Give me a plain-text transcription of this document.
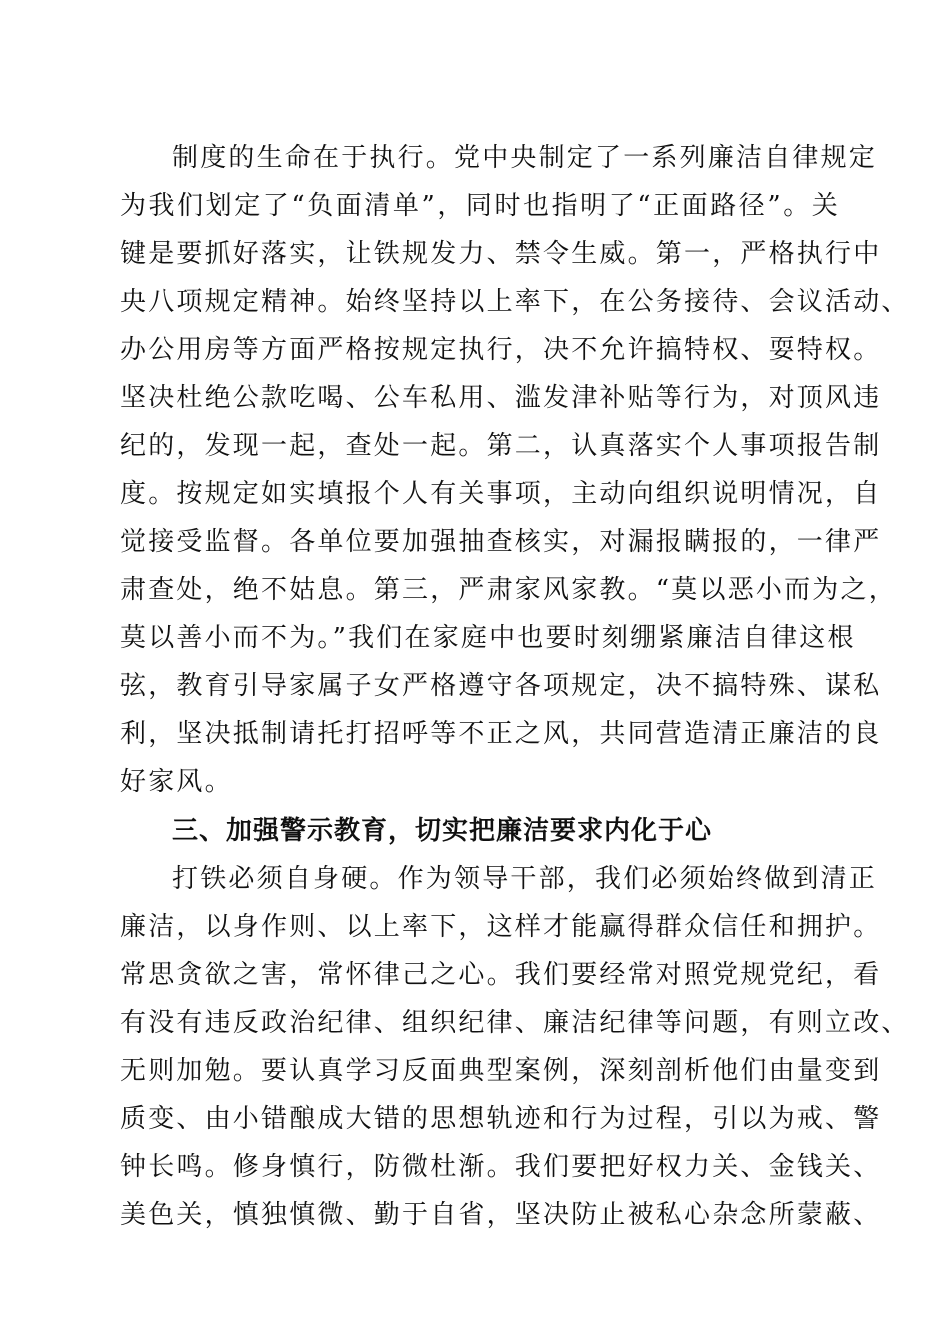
制度的生命在于执行。党中央制定了一系列廉洁自律规定
为我们划定了“负面清单”，同时也指明了“正面路径”。关
键是要抓好落实，让铁规发力、禁令生威。第一，严格执行中
央八项规定精神。始终坚持以上率下，在公务接待、会议活动、
办公用房等方面严格按规定执行，决不允许搞特权、耍特权。
坚决杜绝公款吃喝、公车私用、滥发津补贴等行为，对顶风违
纪的，发现一起，查处一起。第二，认真落实个人事项报告制
度。按规定如实填报个人有关事项，主动向组织说明情况，自
觉接受监督。各单位要加强抽查核实，对漏报瞒报的，一律严
肃查处，绝不姑息。第三，严肃家风家教。“莫以恶小而为之，
莫以善小而不为。”我们在家庭中也要时刻绷紧廉洁自律这根
弦，教育引导家属子女严格遵守各项规定，决不搞特殊、谋私
利，坚决抵制请托打招呼等不正之风，共同营造清正廉洁的良
好家风。
三、加强警示教育，切实把廉洁要求内化于心
打铁必须自身硬。作为领导干部，我们必须始终做到清正
廉洁，以身作则、以上率下，这样才能赢得群众信任和拥护。
常思贪欲之害，常怀律己之心。我们要经常对照党规党纪，看
有没有违反政治纪律、组织纪律、廉洁纪律等问题，有则立改、
无则加勉。要认真学习反面典型案例，深刻剖析他们由量变到
质变、由小错酿成大错的思想轨迹和行为过程，引以为戒、警
钟长鸣。修身慎行，防微杜渐。我们要把好权力关、金钱关、
美色关，慎独慎微、勤于自省，坚决防止被私心杂念所蒙蔽、
